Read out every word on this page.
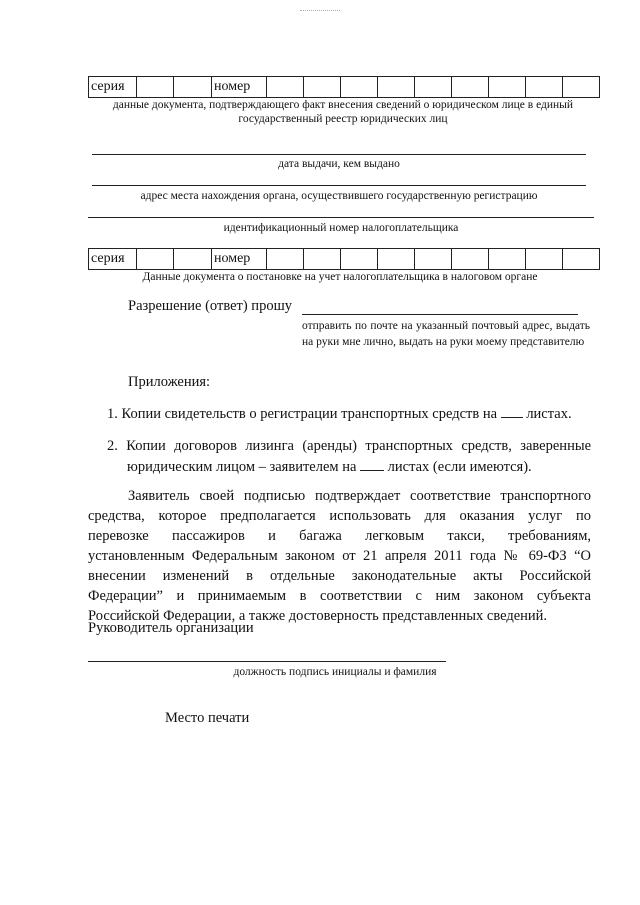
серия			номер									
данные документа, подтверждающего факт внесения сведений о юридическом лице в единый государственный реестр юридических лиц
дата выдачи, кем выдано
адрес места нахождения органа, осуществившего государственную регистрацию
идентификационный номер налогоплательщика
серия			номер									
Данные документа о постановке на учет налогоплательщика в налоговом органе
Разрешение (ответ) прошу
отправить по почте на указанный почтовый адрес, выдать на руки мне лично, выдать на руки моему представителю
Приложения:
1. Копии свидетельств о регистрации транспортных средств на листах.
2. Копии договоров лизинга (аренды) транспортных средств, заверенные
юридическим лицом – заявителем на листах (если имеются).
Заявитель своей подписью подтверждает соответствие транспортного
средства, которое предполагается использовать для оказания услуг по
перевозке пассажиров и багажа легковым такси, требованиям,
установленным Федеральным законом от 21 апреля 2011 года № 69-ФЗ “О
внесении изменений в отдельные законодательные акты Российской
Федерации” и принимаемым в соответствии с ним законом субъекта
Российской Федерации, а также достоверность представленных сведений.
Руководитель организации
должность подпись инициалы и фамилия
Место печати
